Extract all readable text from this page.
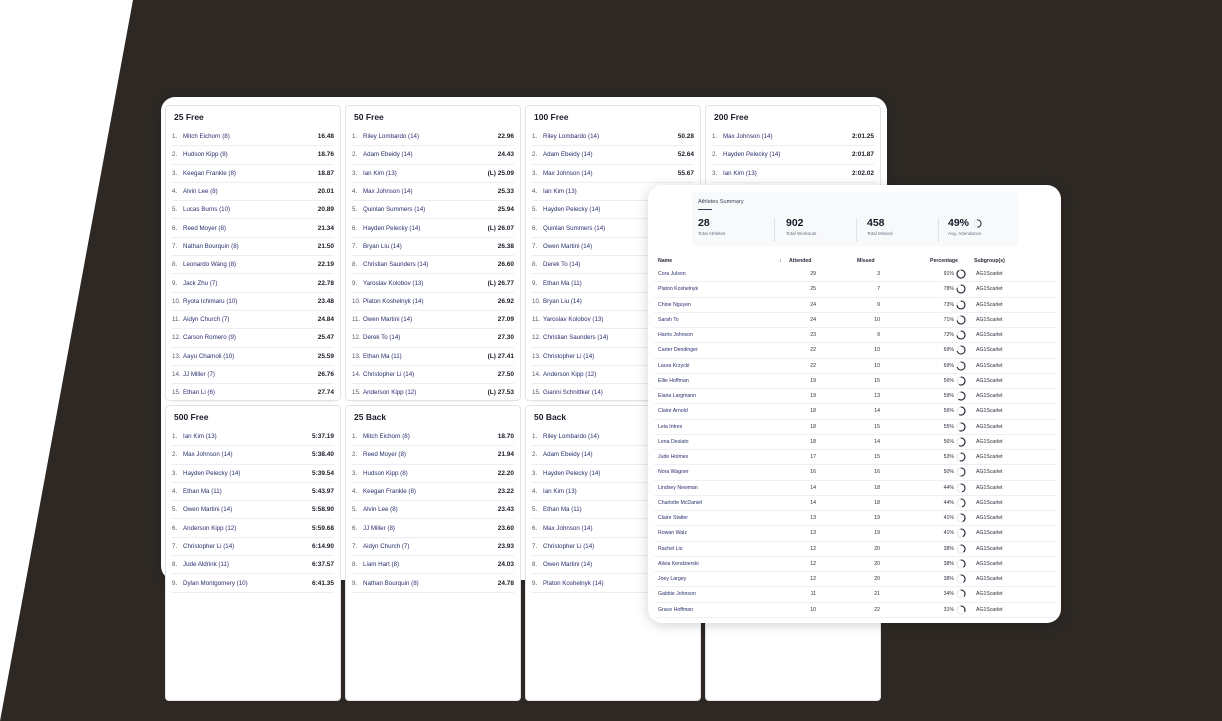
25 Free
1. Mitch Eichorn (8)	16.48
2. Hudson Kipp (8)	18.76
3. Keegan Frankle (8)	18.87
4. Alvin Lee (8)	20.01
5. Lucas Burns (10)	20.89
6. Reed Moyer (8)	21.34
7. Nathan Bourquin (8)	21.50
8. Leonardo Wang (8)	22.19
9. Jack Zhu (7)	22.78
10. Ryota Ichimaru (10)	23.48
11. Aidyn Church (7)	24.84
12. Carson Romero (9)	25.47
13. Aayu Chamoli (10)	25.59
14. JJ Miller (7)	26.76
15. Ethan Li (6)	27.74
50 Free
1. Riley Lombardo (14)	22.96
2. Adam Ebeidy (14)	24.43
3. Ian Kim (13)	(L) 25.09
4. Max Johnson (14)	25.33
5. Quinlan Summers (14)	25.94
6. Hayden Pelecky (14)	(L) 26.07
7. Bryan Liu (14)	26.38
8. Christian Saunders (14)	26.60
9. Yaroslav Kolobov (13)	(L) 26.77
10. Platon Koshelnyk (14)	26.92
11. Owen Martini (14)	27.09
12. Derek To (14)	27.30
13. Ethan Ma (11)	(L) 27.41
14. Christopher Li (14)	27.50
15. Anderson Kipp (12)	(L) 27.53
100 Free
1. Riley Lombardo (14)	50.28
2. Adam Ebeidy (14)	52.64
3. Max Johnson (14)	55.67
4. Ian Kim (13)
5. Hayden Pelecky (14)
6. Quinlan Summers (14)
7. Owen Martini (14)
8. Derek To (14)
9. Ethan Ma (11)
10. Bryan Liu (14)
11. Yaroslav Kolobov (13)
12. Christian Saunders (14)
13. Christopher Li (14)
14. Anderson Kipp (12)
15. Gianni Schnittker (14)
200 Free
1. Max Johnson (14)	2:01.25
2. Hayden Pelecky (14)	2:01.87
3. Ian Kim (13)	2:02.02
500 Free
1. Ian Kim (13)	5:37.19
2. Max Johnson (14)	5:38.40
3. Hayden Pelecky (14)	5:39.54
4. Ethan Ma (11)	5:43.97
5. Owen Martini (14)	5:58.90
6. Anderson Kipp (12)	5:59.68
7. Christopher Li (14)	6:14.90
8. Jude Aldrink (11)	6:37.57
9. Dylan Montgomery (10)	6:41.35
25 Back
1. Mitch Eichorn (8)	18.70
2. Reed Moyer (8)	21.94
3. Hudson Kipp (8)	22.20
4. Keegan Frankle (8)	23.22
5. Alvin Lee (8)	23.43
6. JJ Miller (8)	23.60
7. Aidyn Church (7)	23.93
8. Liam Hart (8)	24.03
9. Nathan Bourquin (8)	24.78
50 Back
1. Riley Lombardo (14)
2. Adam Ebeidy (14)
3. Hayden Pelecky (14)
4. Ian Kim (13)
5. Ethan Ma (11)
6. Max Johnson (14)
7. Christopher Li (14)
8. Owen Martini (14)
9. Platon Koshelnyk (14)
Athletes Summary
28
Total Athletes
902
Total Workouts
458
Total Missed
49%
Avg. Attendance
Name	↓ Attended	Missed	Percentage	Subgroup(s)
Cora Julson	29	3	91%	AG1Scarlet
Platon Koshelnyk	25	7	78%	AG1Scarlet
Chloe Nguyen	24	9	73%	AG1Scarlet
Sarah To	24	10	71%	AG1Scarlet
Harris Johnson	23	9	72%	AG1Scarlet
Carter Dendinger	22	10	69%	AG1Scarlet
Laura Krzycki	22	10	69%	AG1Scarlet
Ellie Hoffman	19	15	56%	AG1Scarlet
Elana Largmann	19	13	59%	AG1Scarlet
Claire Arnold	18	14	56%	AG1Scarlet
Leia Intres	18	15	55%	AG1Scarlet
Lena Desiato	18	14	56%	AG1Scarlet
Jude Holmes	17	15	53%	AG1Scarlet
Nora Wagner	16	16	50%	AG1Scarlet
Lindsey Newman	14	18	44%	AG1Scarlet
Charlotte McDaniel	14	18	44%	AG1Scarlet
Claire Statler	13	19	41%	AG1Scarlet
Rowan Walz	13	19	41%	AG1Scarlet
Rachel Liu	12	20	38%	AG1Scarlet
Alivia Kendzierski	12	20	38%	AG1Scarlet
Joey Largey	12	20	38%	AG1Scarlet
Gabbie Johnson	11	21	34%	AG1Scarlet
Grace Hoffman	10	22	31%	AG1Scarlet
